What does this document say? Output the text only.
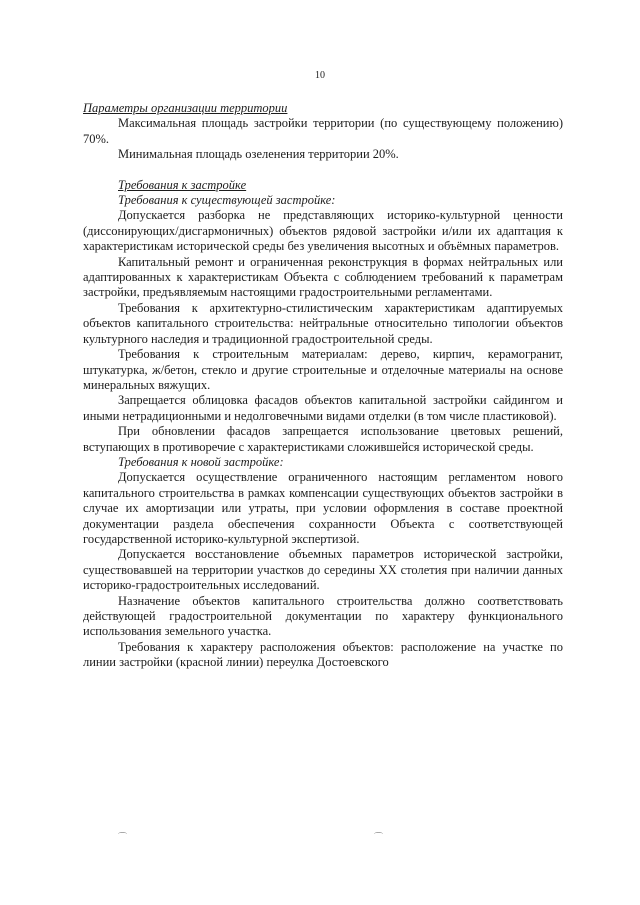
10

Параметры организации территории

Максимальная площадь застройки территории (по существующему положению) 70%.

Минимальная площадь озеленения территории 20%.

Требования к застройке

Требования к существующей застройке:

Допускается разборка не представляющих историко-культурной ценности (диссонирующих/дисгармоничных) объектов рядовой застройки и/или их адаптация к характеристикам исторической среды без увеличения высотных и объёмных параметров.

Капитальный ремонт и ограниченная реконструкция в формах нейтральных или адаптированных к характеристикам Объекта с соблюдением требований к параметрам застройки, предъявляемым настоящими градостроительными регламентами.

Требования к архитектурно-стилистическим характеристикам адаптируемых объектов капитального строительства: нейтральные относительно типологии объектов культурного наследия и традиционной градостроительной среды.

Требования к строительным материалам: дерево, кирпич, керамогранит, штукатурка, ж/бетон, стекло и другие строительные и отделочные материалы на основе минеральных вяжущих.

Запрещается облицовка фасадов объектов капитальной застройки сайдингом и иными нетрадиционными и недолговечными видами отделки (в том числе пластиковой).

При обновлении фасадов запрещается использование цветовых решений, вступающих в противоречие с характеристиками сложившейся исторической среды.

Требования к новой застройке:

Допускается осуществление ограниченного настоящим регламентом нового капитального строительства в рамках компенсации существующих объектов застройки в случае их амортизации или утраты, при условии оформления в составе проектной документации раздела обеспечения сохранности Объекта с соответствующей государственной историко-культурной экспертизой.

Допускается восстановление объемных параметров исторической застройки, существовавшей на территории участков до середины XX столетия при наличии данных историко-градостроительных исследований.

Назначение объектов капитального строительства должно соответствовать действующей градостроительной документации по характеру функционального использования земельного участка.

Требования к характеру расположения объектов: расположение на участке по линии застройки (красной линии) переулка Достоевского

⌒	⌒
